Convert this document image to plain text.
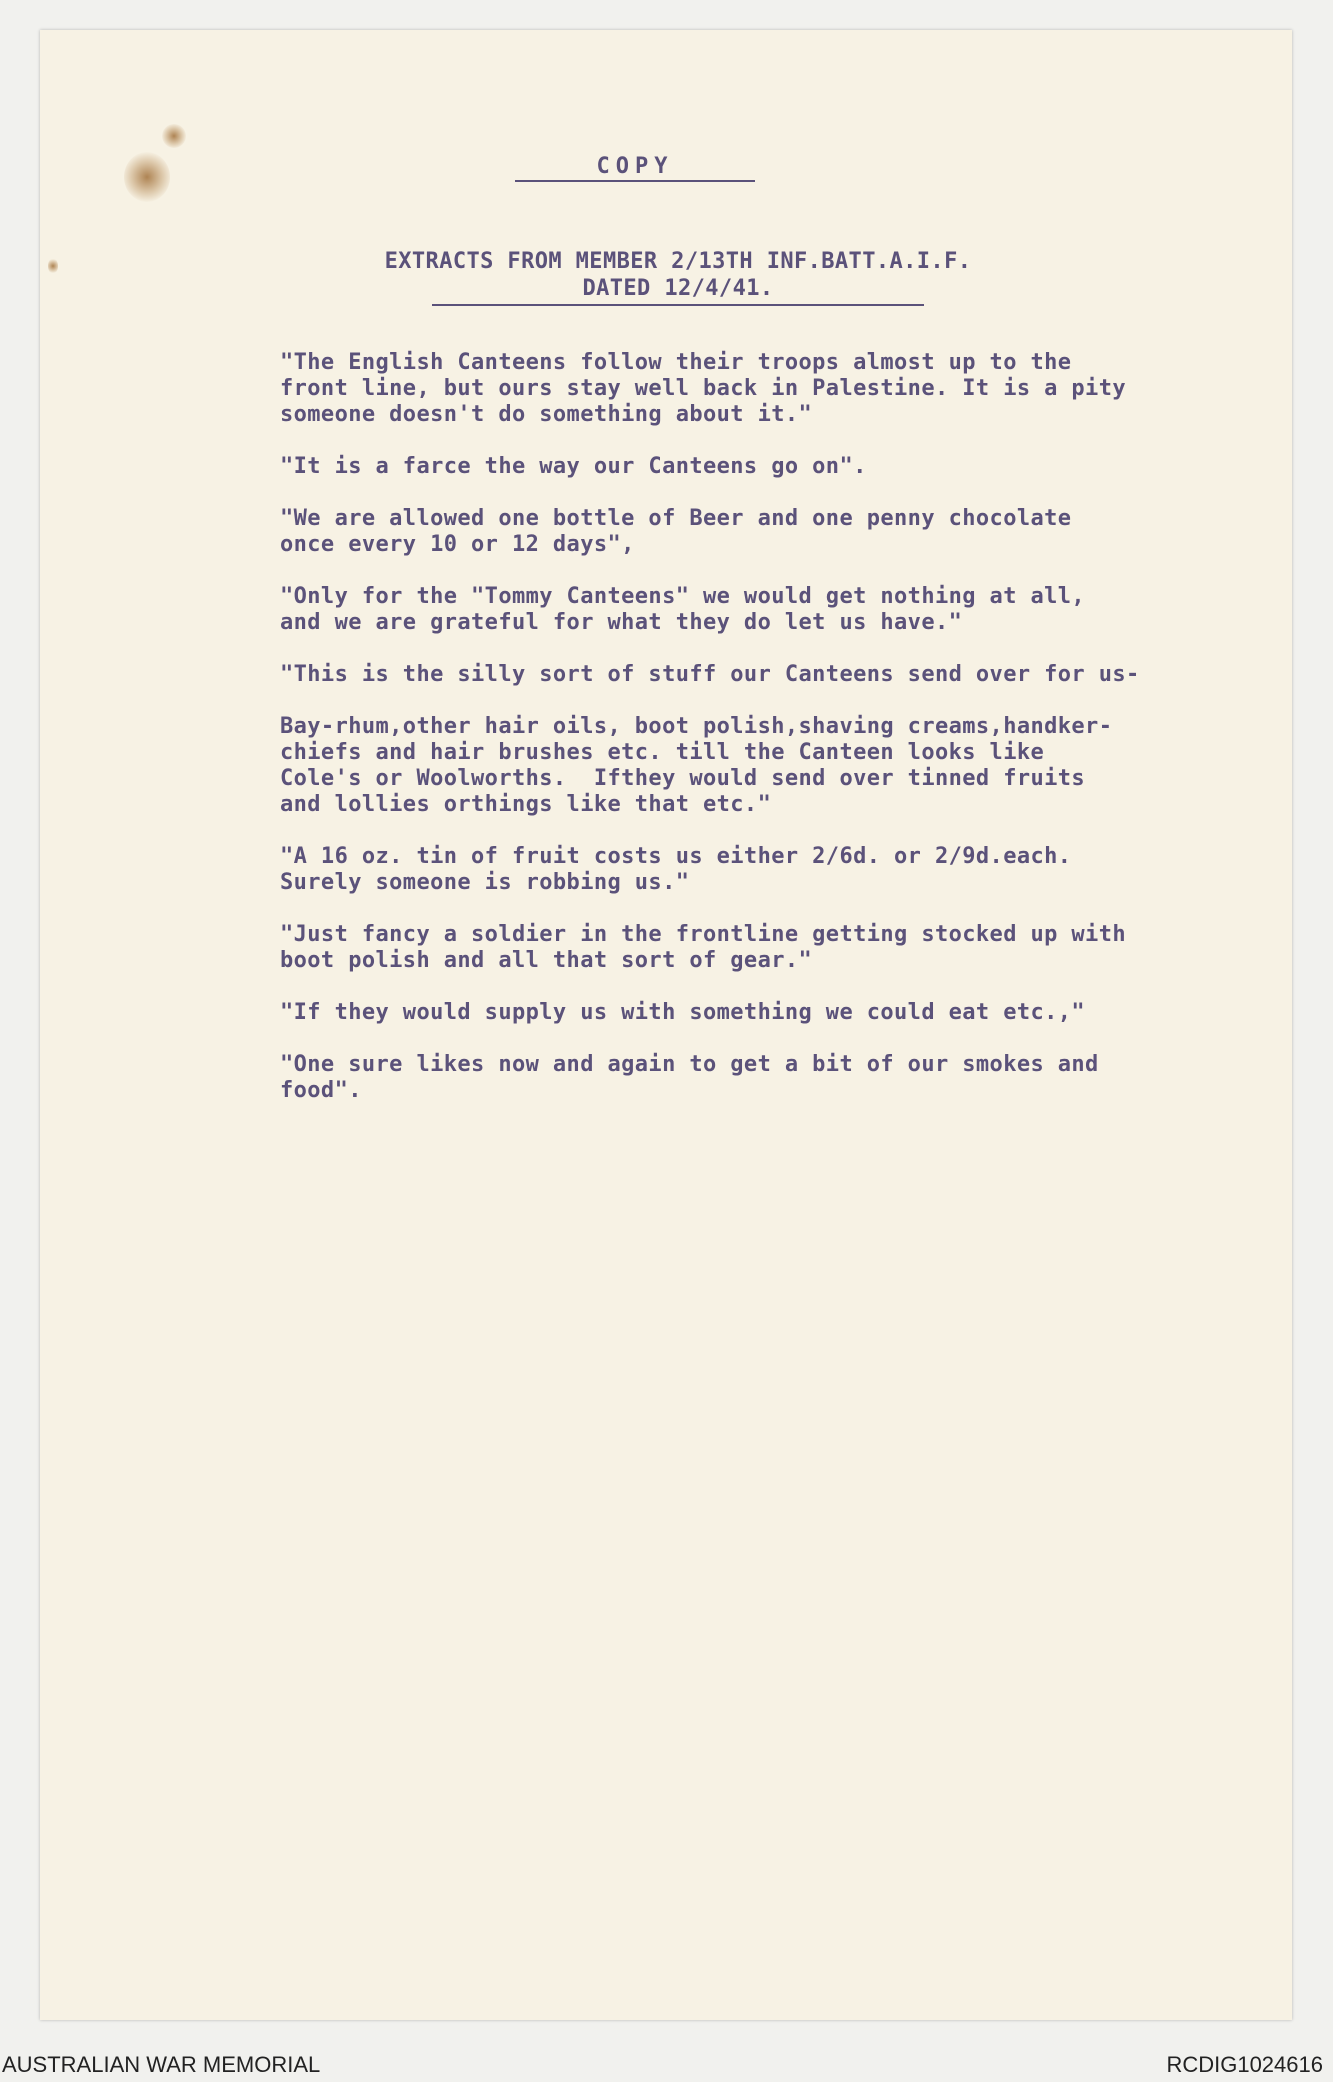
COPY
EXTRACTS FROM MEMBER 2/13TH INF.BATT.A.I.F.
DATED 12/4/41.

"The English Canteens follow their troops almost up to the
front line, but ours stay well back in Palestine. It is a pity
someone doesn't do something about it."

"It is a farce the way our Canteens go on".

"We are allowed one bottle of Beer and one penny chocolate
once every 10 or 12 days",

"Only for the "Tommy Canteens" we would get nothing at all,
and we are grateful for what they do let us have."

"This is the silly sort of stuff our Canteens send over for us-

Bay-rhum,other hair oils, boot polish,shaving creams,handker-
chiefs and hair brushes etc. till the Canteen looks like
Cole's or Woolworths.  Ifthey would send over tinned fruits
and lollies orthings like that etc."

"A 16 oz. tin of fruit costs us either 2/6d. or 2/9d.each.
Surely someone is robbing us."

"Just fancy a soldier in the frontline getting stocked up with
boot polish and all that sort of gear."

"If they would supply us with something we could eat etc.,"

"One sure likes now and again to get a bit of our smokes and
food".

AUSTRALIAN WAR MEMORIAL	RCDIG1024616
